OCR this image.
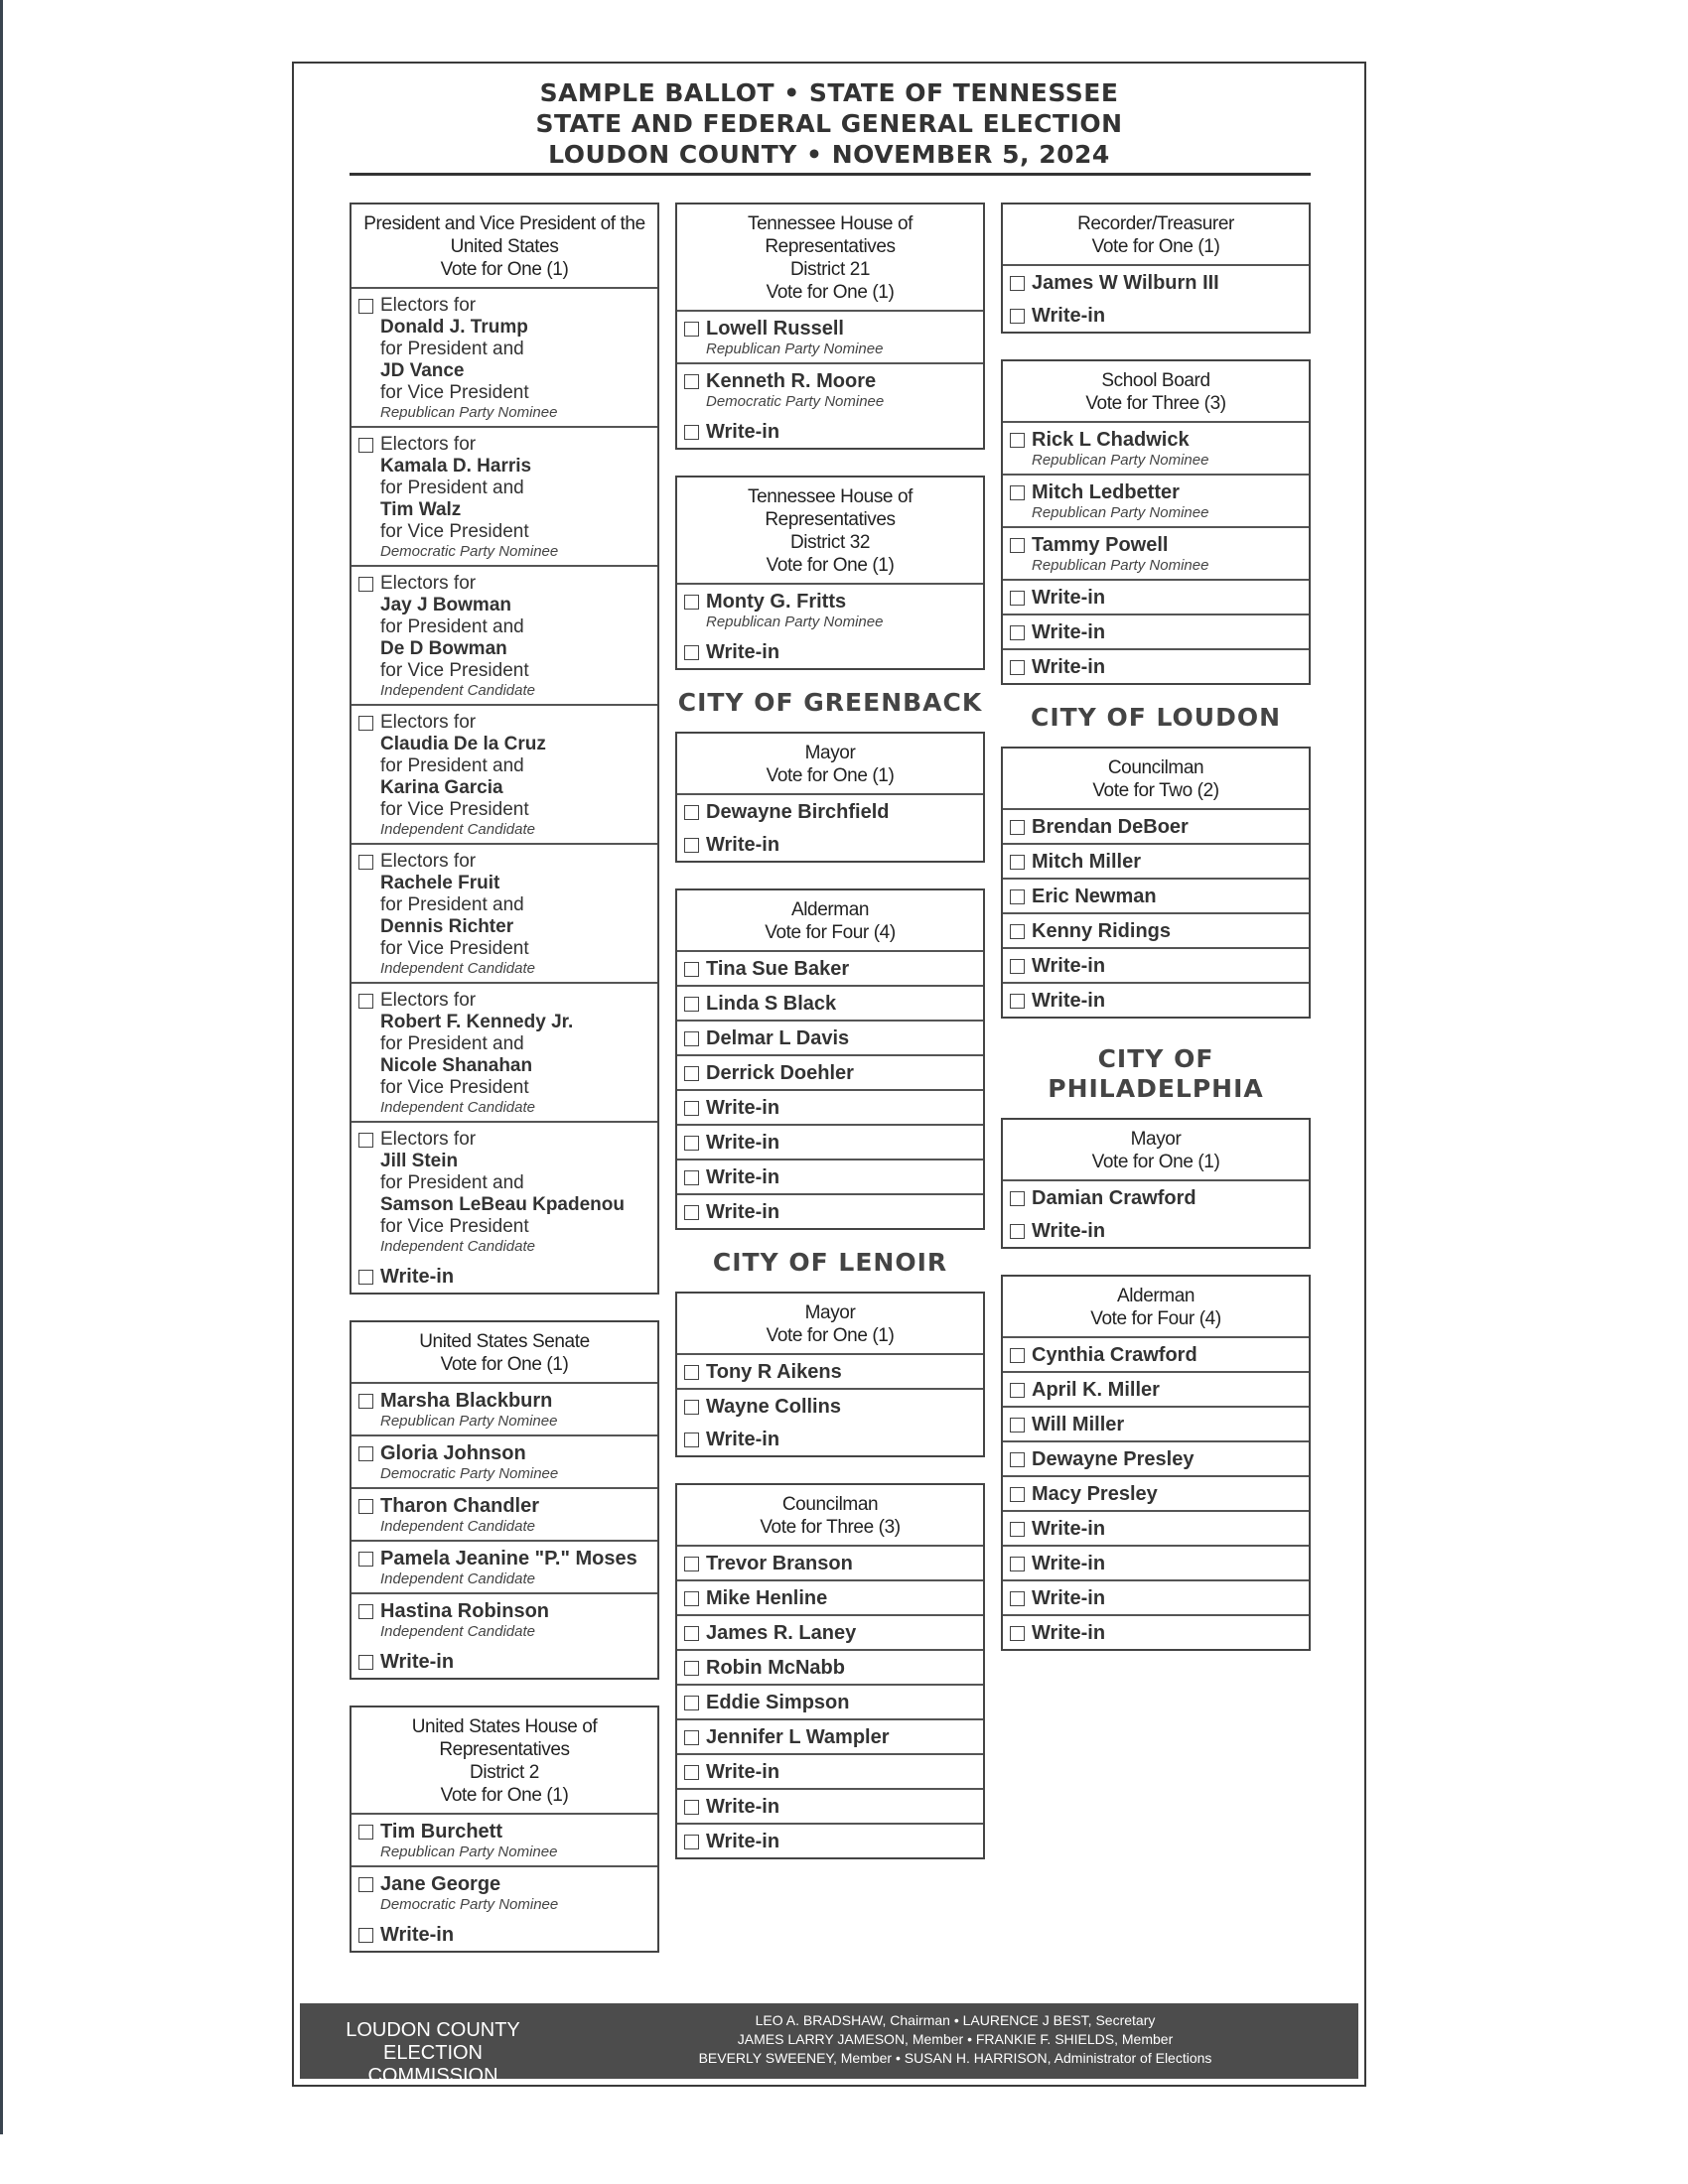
SAMPLE BALLOT • STATE OF TENNESSEE
STATE AND FEDERAL GENERAL ELECTION
LOUDON COUNTY • NOVEMBER 5, 2024
President and Vice President of the United States
Vote for One (1)
Electors for
Donald J. Trump
for President and
JD Vance
for Vice President
Republican Party Nominee
Electors for
Kamala D. Harris
for President and
Tim Walz
for Vice President
Democratic Party Nominee
Electors for
Jay J Bowman
for President and
De D Bowman
for Vice President
Independent Candidate
Electors for
Claudia De la Cruz
for President and
Karina Garcia
for Vice President
Independent Candidate
Electors for
Rachele Fruit
for President and
Dennis Richter
for Vice President
Independent Candidate
Electors for
Robert F. Kennedy Jr.
for President and
Nicole Shanahan
for Vice President
Independent Candidate
Electors for
Jill Stein
for President and
Samson LeBeau Kpadenou
for Vice President
Independent Candidate
Write-in
United States Senate
Vote for One (1)
Marsha Blackburn
Republican Party Nominee
Gloria Johnson
Democratic Party Nominee
Tharon Chandler
Independent Candidate
Pamela Jeanine "P." Moses
Independent Candidate
Hastina Robinson
Independent Candidate
Write-in
United States House of Representatives
District 2
Vote for One (1)
Tim Burchett
Republican Party Nominee
Jane George
Democratic Party Nominee
Write-in
Tennessee House of Representatives
District 21
Vote for One (1)
Lowell Russell
Republican Party Nominee
Kenneth R. Moore
Democratic Party Nominee
Write-in
Tennessee House of Representatives
District 32
Vote for One (1)
Monty G. Fritts
Republican Party Nominee
Write-in
CITY OF GREENBACK
Mayor
Vote for One (1)
Dewayne Birchfield
Write-in
Alderman
Vote for Four (4)
Tina Sue Baker
Linda S Black
Delmar L Davis
Derrick Doehler
Write-in
Write-in
Write-in
Write-in
CITY OF LENOIR
Mayor
Vote for One (1)
Tony R Aikens
Wayne Collins
Write-in
Councilman
Vote for Three (3)
Trevor Branson
Mike Henline
James R. Laney
Robin McNabb
Eddie Simpson
Jennifer L Wampler
Write-in
Write-in
Write-in
Recorder/Treasurer
Vote for One (1)
James W Wilburn III
Write-in
School Board
Vote for Three (3)
Rick L Chadwick
Republican Party Nominee
Mitch Ledbetter
Republican Party Nominee
Tammy Powell
Republican Party Nominee
Write-in
Write-in
Write-in
CITY OF LOUDON
Councilman
Vote for Two (2)
Brendan DeBoer
Mitch Miller
Eric Newman
Kenny Ridings
Write-in
Write-in
CITY OF
PHILADELPHIA
Mayor
Vote for One (1)
Damian Crawford
Write-in
Alderman
Vote for Four (4)
Cynthia Crawford
April K. Miller
Will Miller
Dewayne Presley
Macy Presley
Write-in
Write-in
Write-in
Write-in
LOUDON COUNTY
ELECTION COMMISSION
LEO A. BRADSHAW, Chairman • LAURENCE J BEST, Secretary
JAMES LARRY JAMESON, Member • FRANKIE F. SHIELDS, Member
BEVERLY SWEENEY, Member • SUSAN H. HARRISON, Administrator of Elections
